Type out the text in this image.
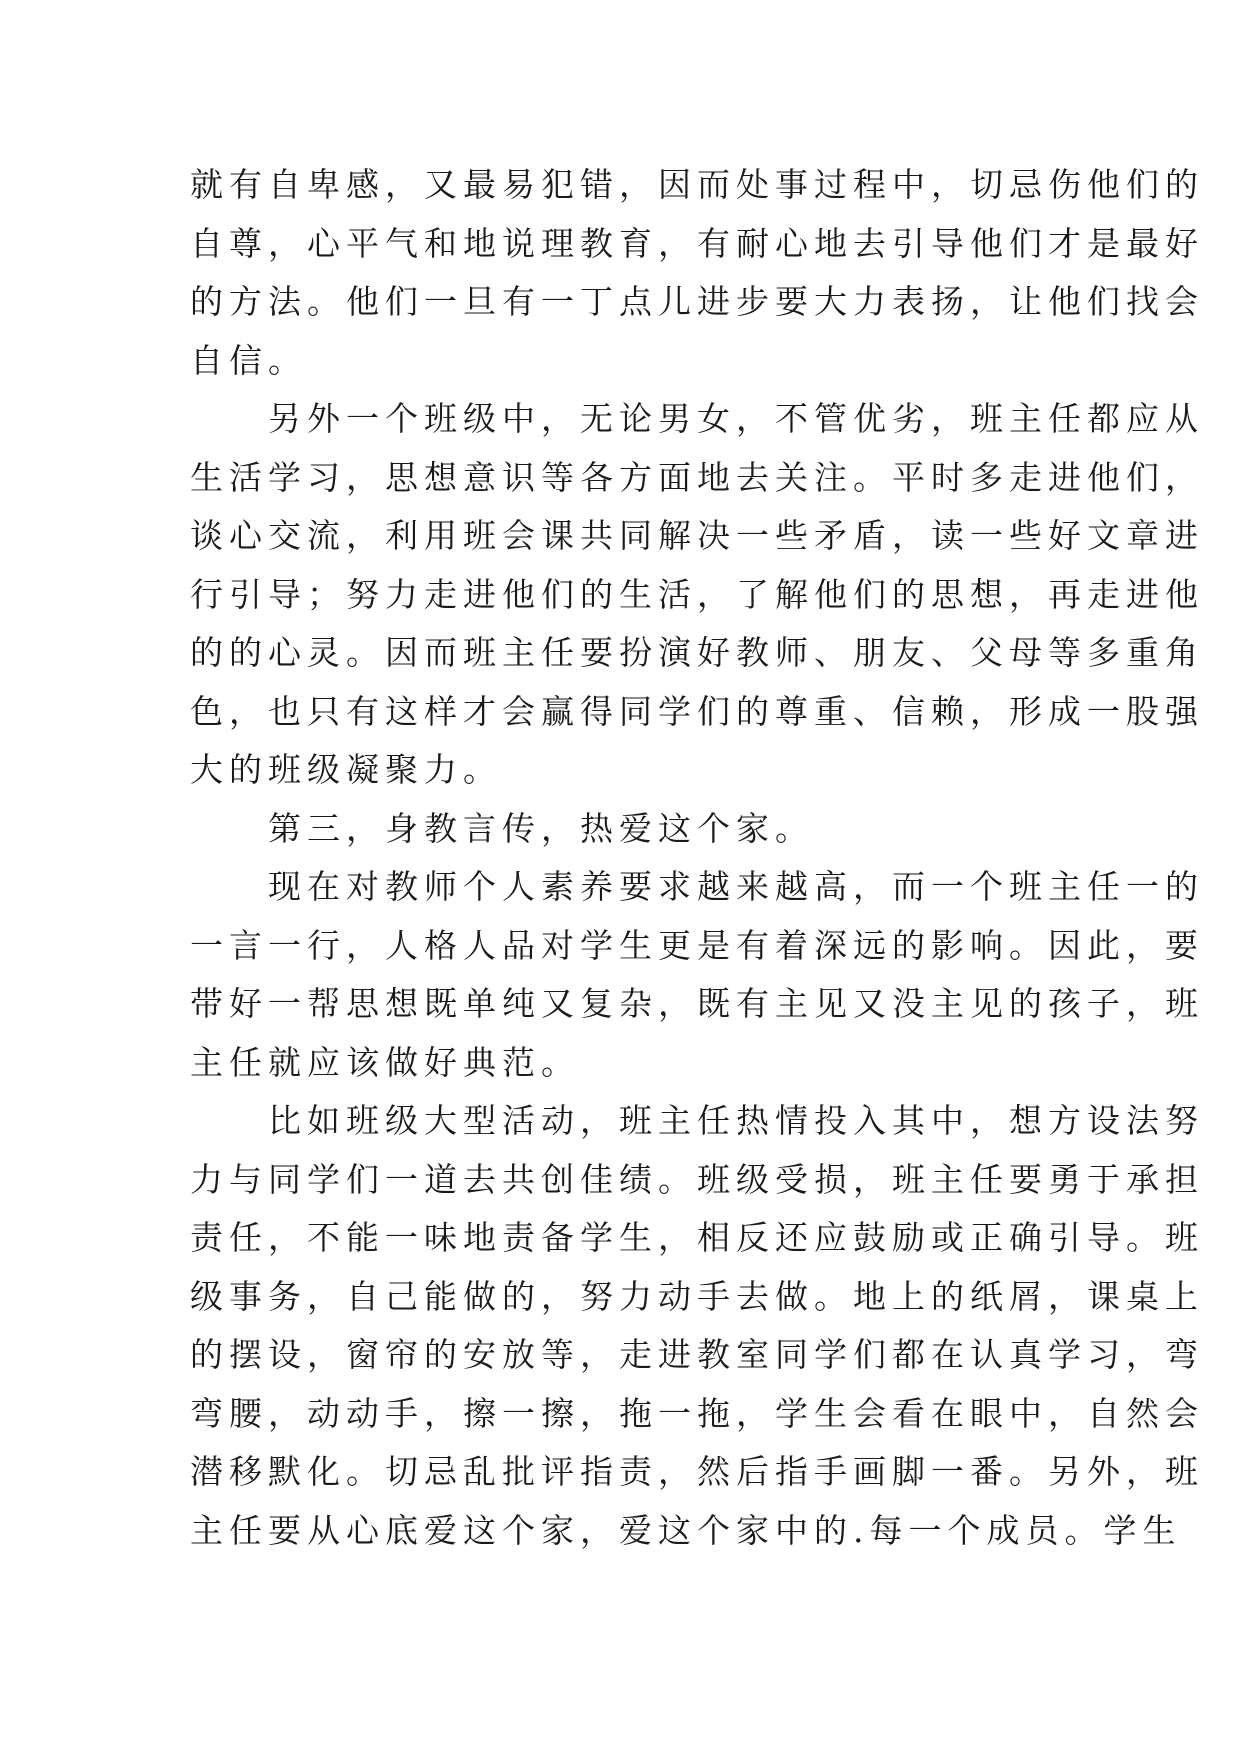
就有自卑感，又最易犯错，因而处事过程中，切忌伤他们的
自尊，心平气和地说理教育，有耐心地去引导他们才是最好
的方法。他们一旦有一丁点儿进步要大力表扬，让他们找会
自信。
　　另外一个班级中，无论男女，不管优劣，班主任都应从
生活学习，思想意识等各方面地去关注。平时多走进他们，
谈心交流，利用班会课共同解决一些矛盾，读一些好文章进
行引导；努力走进他们的生活，了解他们的思想，再走进他
的的心灵。因而班主任要扮演好教师、朋友、父母等多重角
色，也只有这样才会赢得同学们的尊重、信赖，形成一股强
大的班级凝聚力。
　　第三，身教言传，热爱这个家。
　　现在对教师个人素养要求越来越高，而一个班主任一的
一言一行，人格人品对学生更是有着深远的影响。因此，要
带好一帮思想既单纯又复杂，既有主见又没主见的孩子，班
主任就应该做好典范。
　　比如班级大型活动，班主任热情投入其中，想方设法努
力与同学们一道去共创佳绩。班级受损，班主任要勇于承担
责任，不能一味地责备学生，相反还应鼓励或正确引导。班
级事务，自己能做的，努力动手去做。地上的纸屑，课桌上
的摆设，窗帘的安放等，走进教室同学们都在认真学习，弯
弯腰，动动手，擦一擦，拖一拖，学生会看在眼中，自然会
潜移默化。切忌乱批评指责，然后指手画脚一番。另外，班
主任要从心底爱这个家，爱这个家中的.每一个成员。学生
